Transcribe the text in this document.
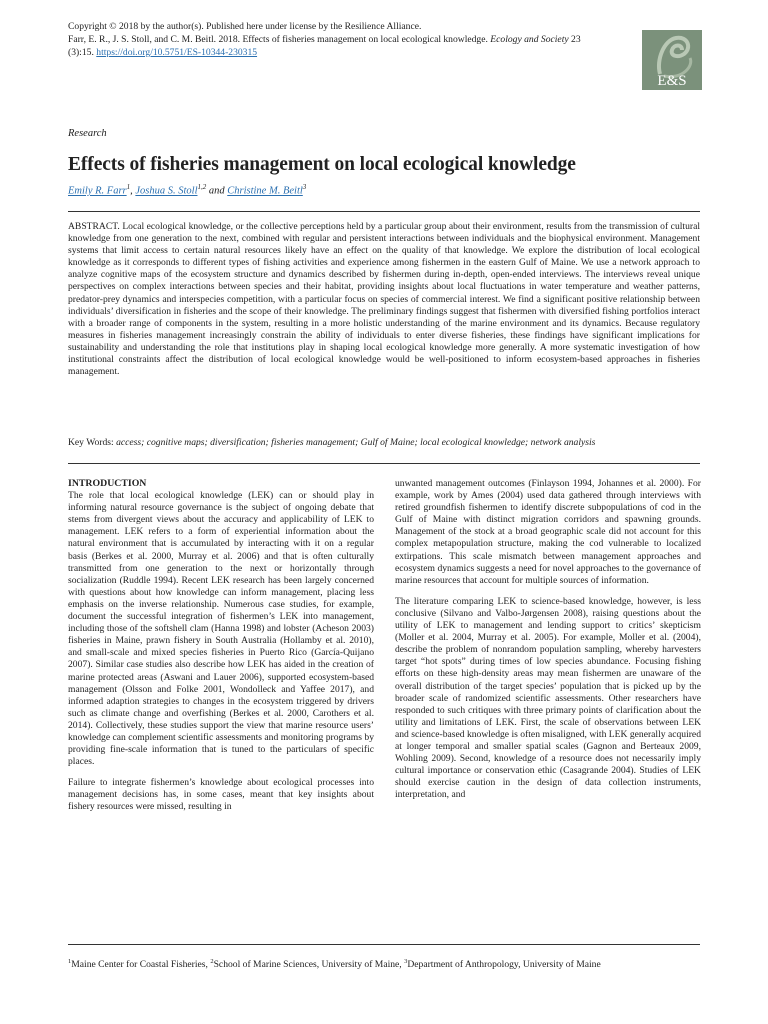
Copyright © 2018 by the author(s). Published here under license by the Resilience Alliance.
Farr, E. R., J. S. Stoll, and C. M. Beitl. 2018. Effects of fisheries management on local ecological knowledge. Ecology and Society 23
(3):15. https://doi.org/10.5751/ES-10344-230315
E&S
Research
Effects of fisheries management on local ecological knowledge
Emily R. Farr$^1$, Joshua S. Stoll$^{1,2}$ and Christine M. Beitl$^3$

ABSTRACT. Local ecological knowledge, or the collective perceptions held by a particular group about their environment, results from the transmission of cultural knowledge from one generation to the next, combined with regular and persistent interactions between individuals and the biophysical environment. Management systems that limit access to certain natural resources likely have an effect on the quality of that knowledge. We explore the distribution of local ecological knowledge as it corresponds to different types of fishing activities and experience among fishermen in the eastern Gulf of Maine. We use a network approach to analyze cognitive maps of the ecosystem structure and dynamics described by fishermen during in-depth, open-ended interviews. The interviews reveal unique perspectives on complex interactions between species and their habitat, providing insights about local fluctuations in water temperature and weather patterns, predator-prey dynamics and interspecies competition, with a particular focus on species of commercial interest. We find a significant positive relationship between individuals’ diversification in fisheries and the scope of their knowledge. The preliminary findings suggest that fishermen with diversified fishing portfolios interact with a broader range of components in the system, resulting in a more holistic understanding of the marine environment and its dynamics. Because regulatory measures in fisheries management increasingly constrain the ability of individuals to enter diverse fisheries, these findings have significant implications for sustainability and understanding the role that institutions play in shaping local ecological knowledge more generally. A more systematic investigation of how institutional constraints affect the distribution of local ecological knowledge would be well-positioned to inform ecosystem-based approaches in fisheries management.

Key Words: access; cognitive maps; diversification; fisheries management; Gulf of Maine; local ecological knowledge; network analysis
INTRODUCTION

The role that local ecological knowledge (LEK) can or should play in informing natural resource governance is the subject of ongoing debate that stems from divergent views about the accuracy and applicability of LEK to management. LEK refers to a form of experiential information about the natural environment that is accumulated by interacting with it on a regular basis (Berkes et al. 2000, Murray et al. 2006) and that is often culturally transmitted from one generation to the next or horizontally through socialization (Ruddle 1994). Recent LEK research has been largely concerned with questions about how knowledge can inform management, placing less emphasis on the inverse relationship. Numerous case studies, for example, document the successful integration of fishermen’s LEK into management, including those of the softshell clam (Hanna 1998) and lobster (Acheson 2003) fisheries in Maine, prawn fishery in South Australia (Hollamby et al. 2010), and small-scale and mixed species fisheries in Puerto Rico (García-Quijano 2007). Similar case studies also describe how LEK has aided in the creation of marine protected areas (Aswani and Lauer 2006), supported ecosystem-based management (Olsson and Folke 2001, Wondolleck and Yaffee 2017), and informed adaption strategies to changes in the ecosystem triggered by drivers such as climate change and overfishing (Berkes et al. 2000, Carothers et al. 2014). Collectively, these studies support the view that marine resource users’ knowledge can complement scientific assessments and monitoring programs by providing fine-scale information that is tuned to the particulars of specific places.

Failure to integrate fishermen’s knowledge about ecological processes into management decisions has, in some cases, meant that key insights about fishery resources were missed, resulting in

unwanted management outcomes (Finlayson 1994, Johannes et al. 2000). For example, work by Ames (2004) used data gathered through interviews with retired groundfish fishermen to identify discrete subpopulations of cod in the Gulf of Maine with distinct migration corridors and spawning grounds. Management of the stock at a broad geographic scale did not account for this complex metapopulation structure, making the cod vulnerable to localized extirpations. This scale mismatch between management approaches and ecosystem dynamics suggests a need for novel approaches to the governance of marine resources that account for multiple sources of information.

The literature comparing LEK to science-based knowledge, however, is less conclusive (Silvano and Valbo-Jørgensen 2008), raising questions about the utility of LEK to management and lending support to critics’ skepticism (Moller et al. 2004, Murray et al. 2005). For example, Moller et al. (2004), describe the problem of nonrandom population sampling, whereby harvesters target “hot spots” during times of low species abundance. Focusing fishing efforts on these high-density areas may mean fishermen are unaware of the overall distribution of the target species’ population that is picked up by the broader scale of randomized scientific assessments. Other researchers have responded to such critiques with three primary points of clarification about the utility and limitations of LEK. First, the scale of observations between LEK and science-based knowledge is often misaligned, with LEK generally acquired at longer temporal and smaller spatial scales (Gagnon and Berteaux 2009, Wohling 2009). Second, knowledge of a resource does not necessarily imply cultural importance or conservation ethic (Casagrande 2004). Studies of LEK should exercise caution in the design of data collection instruments, interpretation, and

$^1$Maine Center for Coastal Fisheries, $^2$School of Marine Sciences, University of Maine, $^3$Department of Anthropology, University of Maine
